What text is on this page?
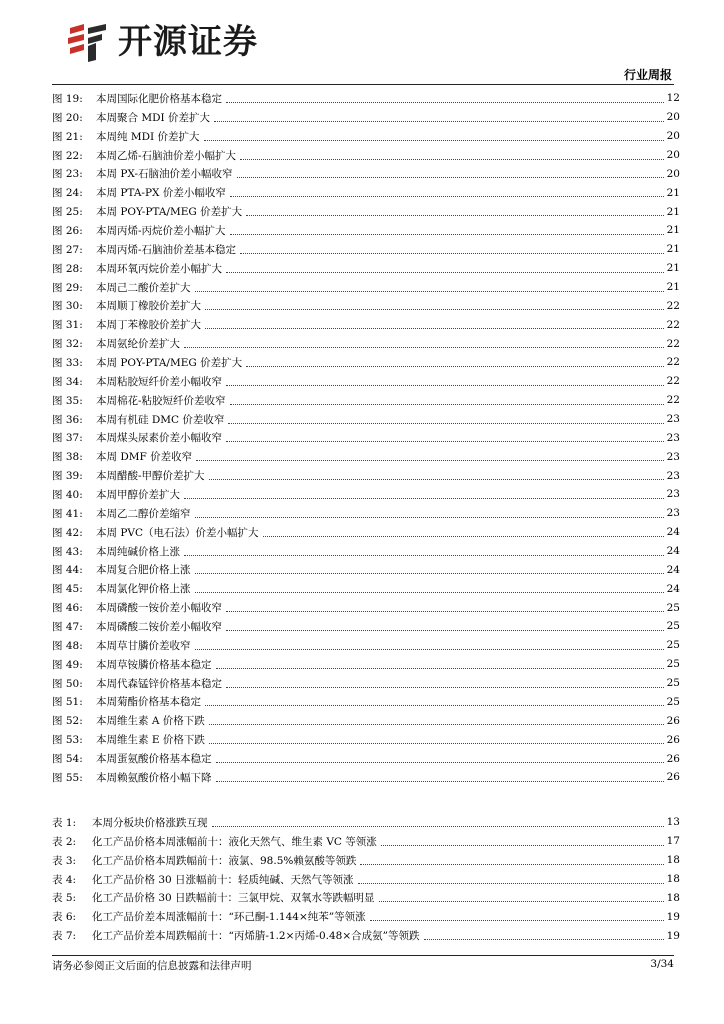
开源证券
行业周报
图 19:	本周国际化肥价格基本稳定	12
图 20:	本周聚合 MDI 价差扩大	20
图 21:	本周纯 MDI 价差扩大	20
图 22:	本周乙烯-石脑油价差小幅扩大	20
图 23:	本周 PX-石脑油价差小幅收窄	20
图 24:	本周 PTA-PX 价差小幅收窄	21
图 25:	本周 POY-PTA/MEG 价差扩大	21
图 26:	本周丙烯-丙烷价差小幅扩大	21
图 27:	本周丙烯-石脑油价差基本稳定	21
图 28:	本周环氧丙烷价差小幅扩大	21
图 29:	本周己二酸价差扩大	21
图 30:	本周顺丁橡胶价差扩大	22
图 31:	本周丁苯橡胶价差扩大	22
图 32:	本周氨纶价差扩大	22
图 33:	本周 POY-PTA/MEG 价差扩大	22
图 34:	本周粘胶短纤价差小幅收窄	22
图 35:	本周棉花-粘胶短纤价差收窄	22
图 36:	本周有机硅 DMC 价差收窄	23
图 37:	本周煤头尿素价差小幅收窄	23
图 38:	本周 DMF 价差收窄	23
图 39:	本周醋酸-甲醇价差扩大	23
图 40:	本周甲醇价差扩大	23
图 41:	本周乙二醇价差缩窄	23
图 42:	本周 PVC（电石法）价差小幅扩大	24
图 43:	本周纯碱价格上涨	24
图 44:	本周复合肥价格上涨	24
图 45:	本周氯化钾价格上涨	24
图 46:	本周磷酸一铵价差小幅收窄	25
图 47:	本周磷酸二铵价差小幅收窄	25
图 48:	本周草甘膦价差收窄	25
图 49:	本周草铵膦价格基本稳定	25
图 50:	本周代森锰锌价格基本稳定	25
图 51:	本周菊酯价格基本稳定	25
图 52:	本周维生素 A 价格下跌	26
图 53:	本周维生素 E 价格下跌	26
图 54:	本周蛋氨酸价格基本稳定	26
图 55:	本周赖氨酸价格小幅下降	26
表 1:	本周分板块价格涨跌互现	13
表 2:	化工产品价格本周涨幅前十：液化天然气、维生素 VC 等领涨	17
表 3:	化工产品价格本周跌幅前十：液氯、98.5%赖氨酸等领跌	18
表 4:	化工产品价格 30 日涨幅前十：轻质纯碱、天然气等领涨	18
表 5:	化工产品价格 30 日跌幅前十：三氯甲烷、双氧水等跌幅明显	18
表 6:	化工产品价差本周涨幅前十：“环己酮-1.144×纯苯”等领涨	19
表 7:	化工产品价差本周跌幅前十：“丙烯腈-1.2×丙烯-0.48×合成氨”等领跌	19
请务必参阅正文后面的信息披露和法律声明	3/34
